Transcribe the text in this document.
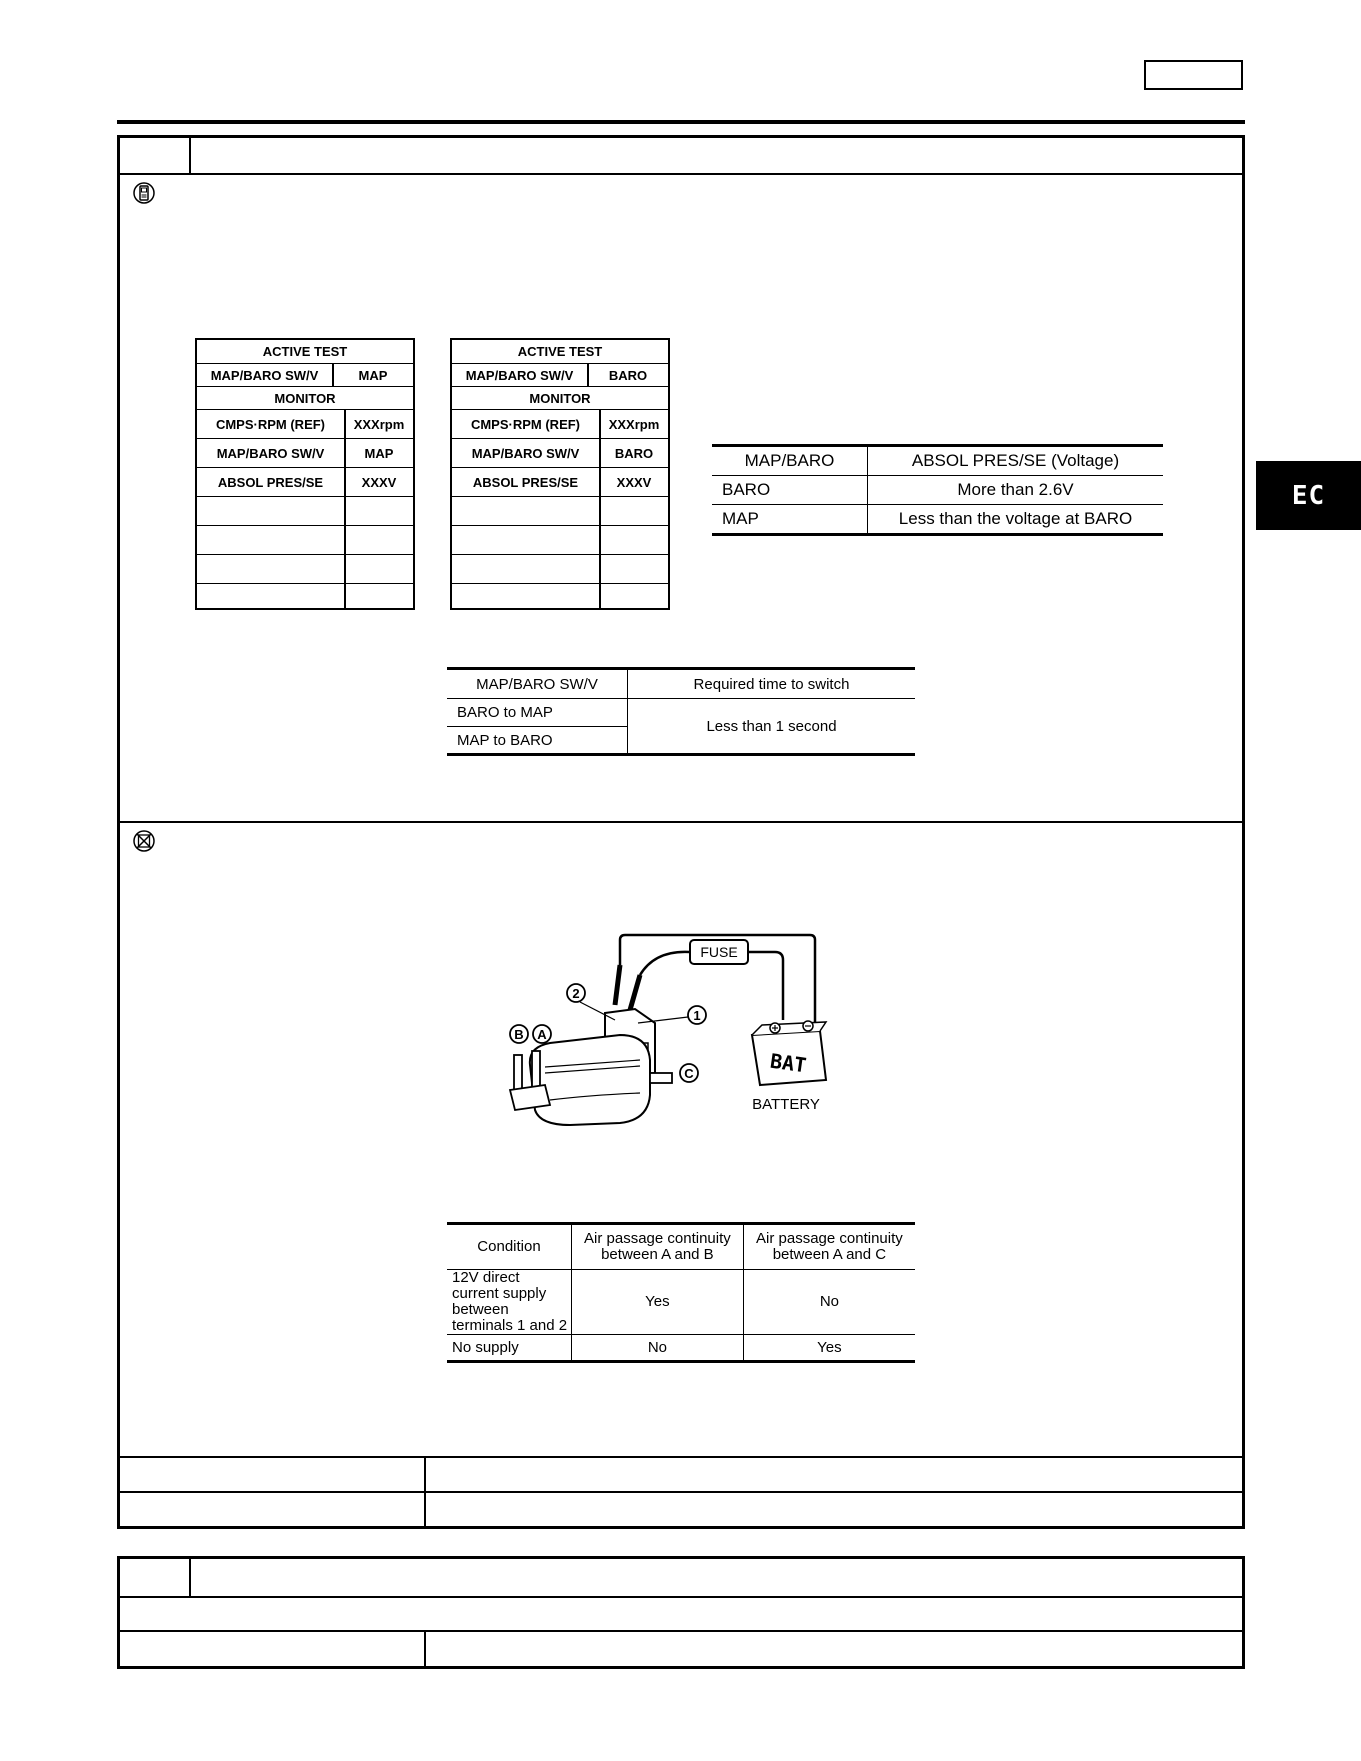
EC
ACTIVE TEST
MAP/BARO SW/V	MAP
MONITOR
CMPS·RPM (REF)	XXXrpm
MAP/BARO SW/V	MAP
ABSOL PRES/SE	XXXV
ACTIVE TEST
MAP/BARO SW/V	BARO
MONITOR
CMPS·RPM (REF)	XXXrpm
MAP/BARO SW/V	BARO
ABSOL PRES/SE	XXXV
MAP/BARO	ABSOL PRES/SE (Voltage)
BARO	More than 2.6V
MAP	Less than the voltage at BARO
MAP/BARO SW/V	Required time to switch
BARO to MAP	Less than 1 second
MAP to BARO	
FUSE
BAT
BATTERY
2
1
B A
C
Condition	Air passage continuity between A and B	Air passage continuity between A and C
12V direct current supply between terminals 1 and 2	Yes	No
No supply	No	Yes
